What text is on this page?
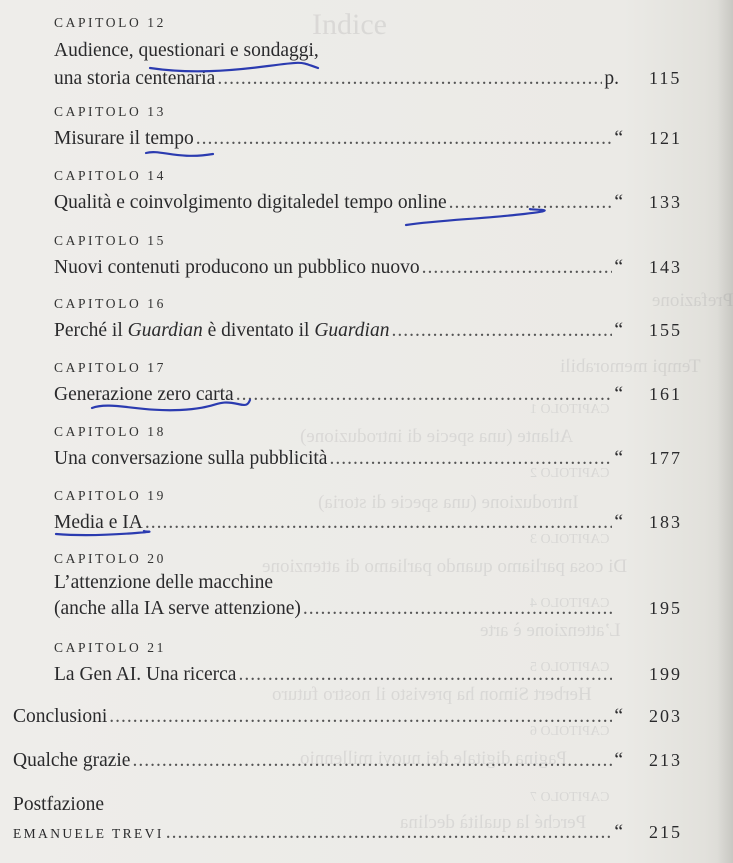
Indice
Prefazione
Tempi memorabili
CAPITOLO 1
Atlante (una specie di introduzione)
CAPITOLO 2
Introduzione (una specie di storia)
CAPITOLO 3
Di cosa parliamo quando parliamo di attenzione
CAPITOLO 4
L’attenzione è arte
CAPITOLO 5
Herbert Simon ha previsto il nostro futuro
CAPITOLO 6
Pagina digitale dei nuovi millennio
CAPITOLO 7
Perché la qualità declina
CAPITOLO 12
Audience, questionari e sondaggi,
una storia centenaria .....	p. 115
CAPITOLO 13
Misurare il tempo .....	“ 121
CAPITOLO 14
Qualità e coinvolgimento digitaledel tempo online .....	“ 133
CAPITOLO 15
Nuovi contenuti producono un pubblico nuovo .....	“ 143
CAPITOLO 16
Perché il Guardian è diventato il Guardian .....	“ 155
CAPITOLO 17
Generazione zero carta .....	“ 161
CAPITOLO 18
Una conversazione sulla pubblicità .....	“ 177
CAPITOLO 19
Media e IA .....	“ 183
CAPITOLO 20
L’attenzione delle macchine
(anche alla IA serve attenzione) .....	195
CAPITOLO 21
La Gen AI. Una ricerca .....	199
Conclusioni .....	“ 203
Qualche grazie .....	“ 213
Postfazione
EMANUELE TREVI .....	“ 215
